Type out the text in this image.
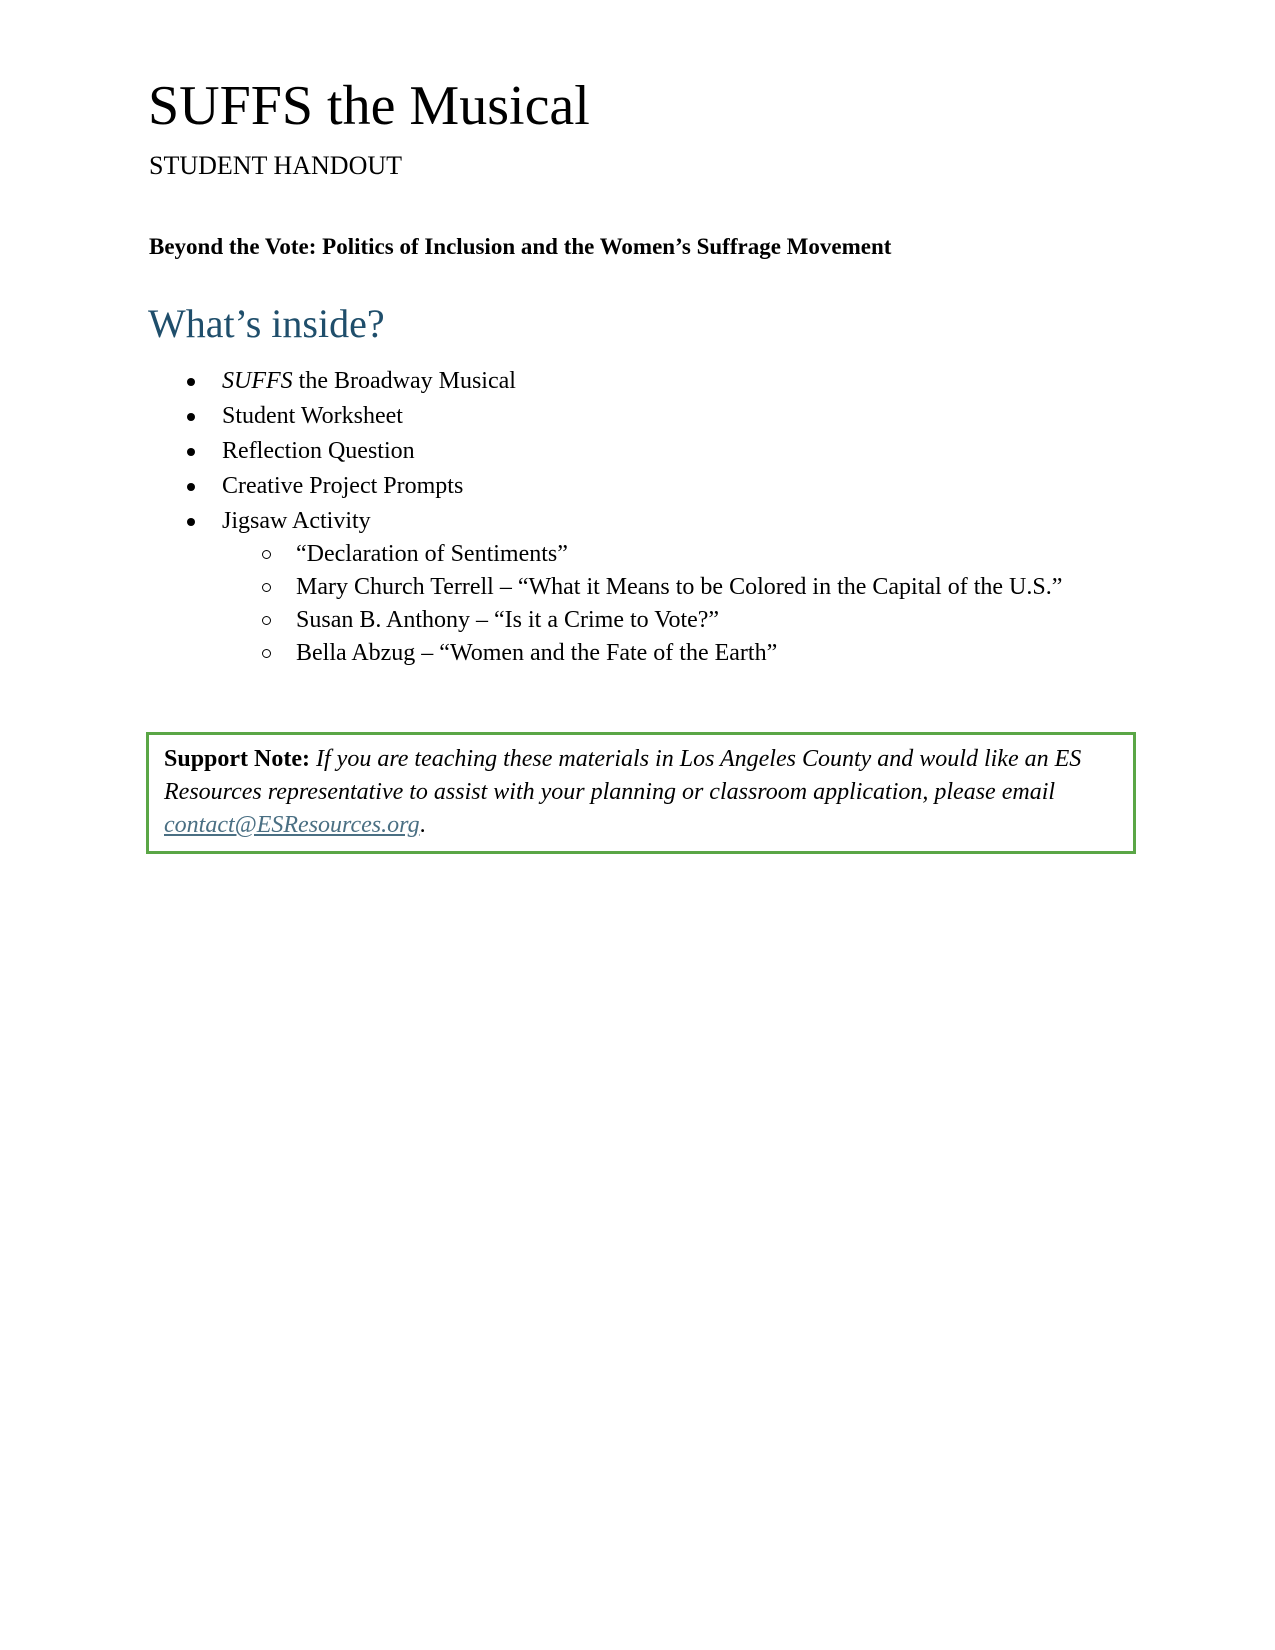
SUFFS the Musical
STUDENT HANDOUT
Beyond the Vote: Politics of Inclusion and the Women’s Suffrage Movement
What’s inside?
SUFFS the Broadway Musical
Student Worksheet
Reflection Question
Creative Project Prompts
Jigsaw Activity
“Declaration of Sentiments”
Mary Church Terrell – “What it Means to be Colored in the Capital of the U.S.”
Susan B. Anthony – “Is it a Crime to Vote?”
Bella Abzug – “Women and the Fate of the Earth”
Support Note: If you are teaching these materials in Los Angeles County and would like an ES Resources representative to assist with your planning or classroom application, please email contact@ESResources.org.
